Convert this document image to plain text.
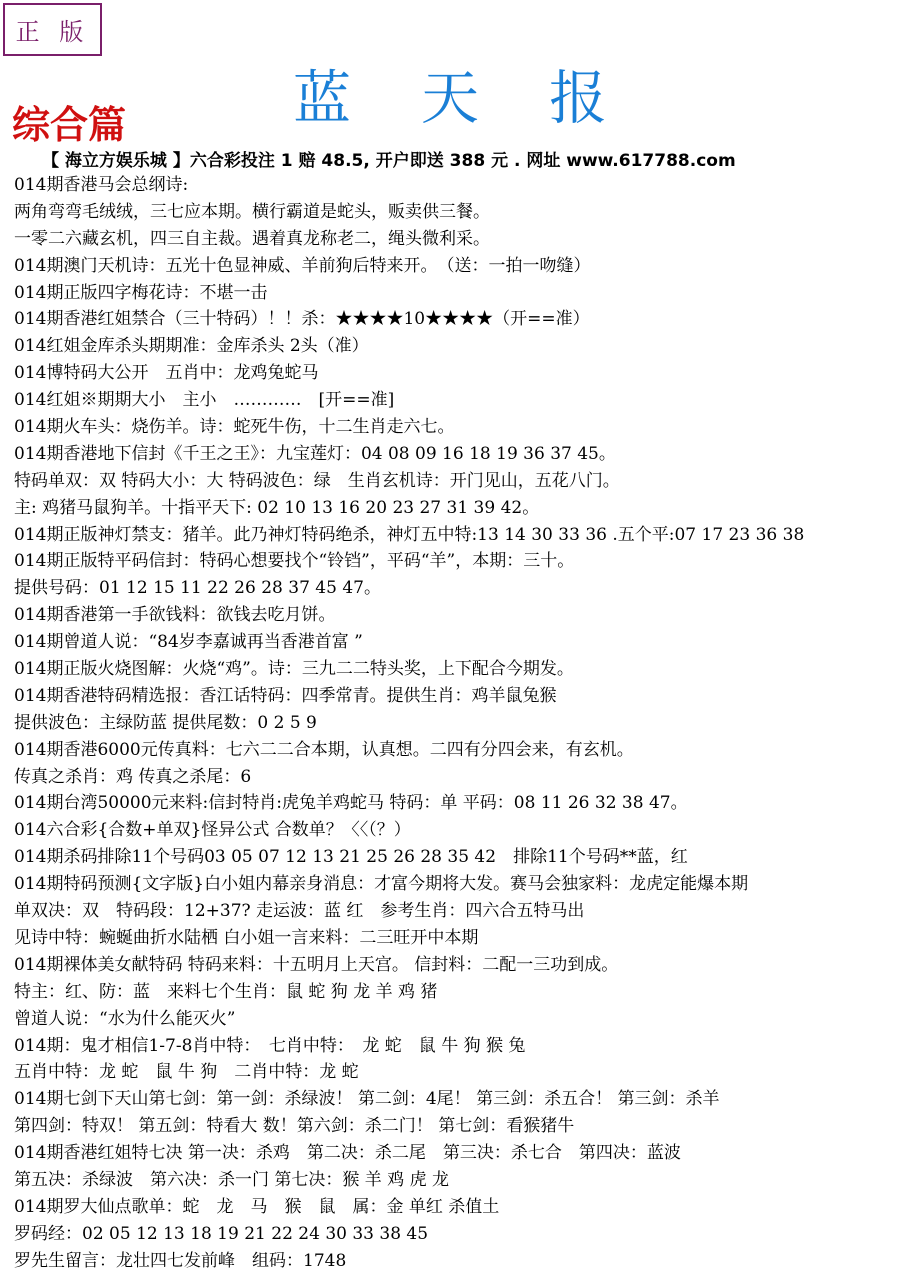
正 版
蓝天报
综合篇
【 海立方娱乐城 】六合彩投注 1 赔 48.5, 开户即送 388 元 . 网址 www.617788.com
014期香港马会总纲诗:
两角弯弯毛绒绒，三七应本期。横行霸道是蛇头，贩卖供三餐。
一零二六藏玄机，四三自主裁。遇着真龙称老二，绳头微利采。
014期澳门天机诗：五光十色显神威、羊前狗后特来开。　（送：一拍一吻缝）
014期正版四字梅花诗：不堪一击
014期香港红姐禁合（三十特码）！！杀：★★★★10★★★★（开==准）
014红姐金库杀头期期准：金库杀头 2头（准）
014博特码大公开　五肖中：龙鸡兔蛇马
014红姐※期期大小　主小　…………　[开==准]
014期火车头：烧伤羊。诗：蛇死牛伤，十二生肖走六七。
014期香港地下信封《千王之王》：九宝莲灯：04 08 09 16 18 19 36 37 45。
特码单双：双 特码大小：大 特码波色：绿　生肖玄机诗：开门见山，五花八门。
主: 鸡猪马鼠狗羊。十指平天下: 02 10 13 16 20 23 27 31 39 42。
014期正版神灯禁支：猪羊。此乃神灯特码绝杀，神灯五中特:13 14 30 33 36 .五个平:07 17 23 36 38
014期正版特平码信封：特码心想要找个“铃铛”，平码“羊”，本期：三十。
提供号码：01 12 15 11 22 26 28 37 45 47。
014期香港第一手欲钱料：欲钱去吃月饼。
014期曾道人说：“84岁李嘉诚再当香港首富 ”
014期正版火烧图解：火烧“鸡”。诗：三九二二特头奖，上下配合今期发。
014期香港特码精选报：香江话特码：四季常青。提供生肖：鸡羊鼠兔猴
提供波色：主绿防蓝 提供尾数：0 2 5 9
014期香港6000元传真料：七六二二合本期，认真想。二四有分四会来，有玄机。
传真之杀肖：鸡 传真之杀尾：6
014期台湾50000元来料:信封特肖:虎兔羊鸡蛇马 特码：单 平码：08 11 26 32 38 47。
014六合彩{合数+单双}怪异公式 合数单？〈〈（？）
014期杀码排除11个号码03 05 07 12 13 21 25 26 28 35 42　排除11个号码**蓝，红
014期特码预测{文字版}白小姐内幕亲身消息：才富今期将大发。赛马会独家料：龙虎定能爆本期
单双决：双　特码段：12+37? 走运波：蓝 红　参考生肖：四六合五特马出
见诗中特：蜿蜒曲折水陆栖 白小姐一言来料：二三旺开中本期
014期裸体美女献特码 特码来料：十五明月上天宫。 信封料：二配一三功到成。
特主：红、防：蓝　来料七个生肖：鼠 蛇 狗 龙 羊 鸡 猪
曾道人说：“水为什么能灭火”
014期：鬼才相信1-7-8肖中特：　七肖中特：　龙 蛇　鼠 牛 狗 猴 兔
五肖中特：龙 蛇　鼠 牛 狗　二肖中特：龙 蛇
014期七剑下天山第七剑：第一剑：杀绿波！ 第二剑：4尾！ 第三剑：杀五合！ 第三剑：杀羊
第四剑：特双！ 第五剑：特看大 数！第六剑：杀二门！ 第七剑：看猴猪牛
014期香港红姐特七决 第一决：杀鸡　第二决：杀二尾　第三决：杀七合　第四决：蓝波
第五决：杀绿波　第六决：杀一门 第七决：猴 羊 鸡 虎 龙
014期罗大仙点歌单：蛇　龙　马　猴　鼠　属：金 单红 杀值土
罗码经：02 05 12 13 18 19 21 22 24 30 33 38 45
罗先生留言：龙壮四七发前峰　组码：1748
